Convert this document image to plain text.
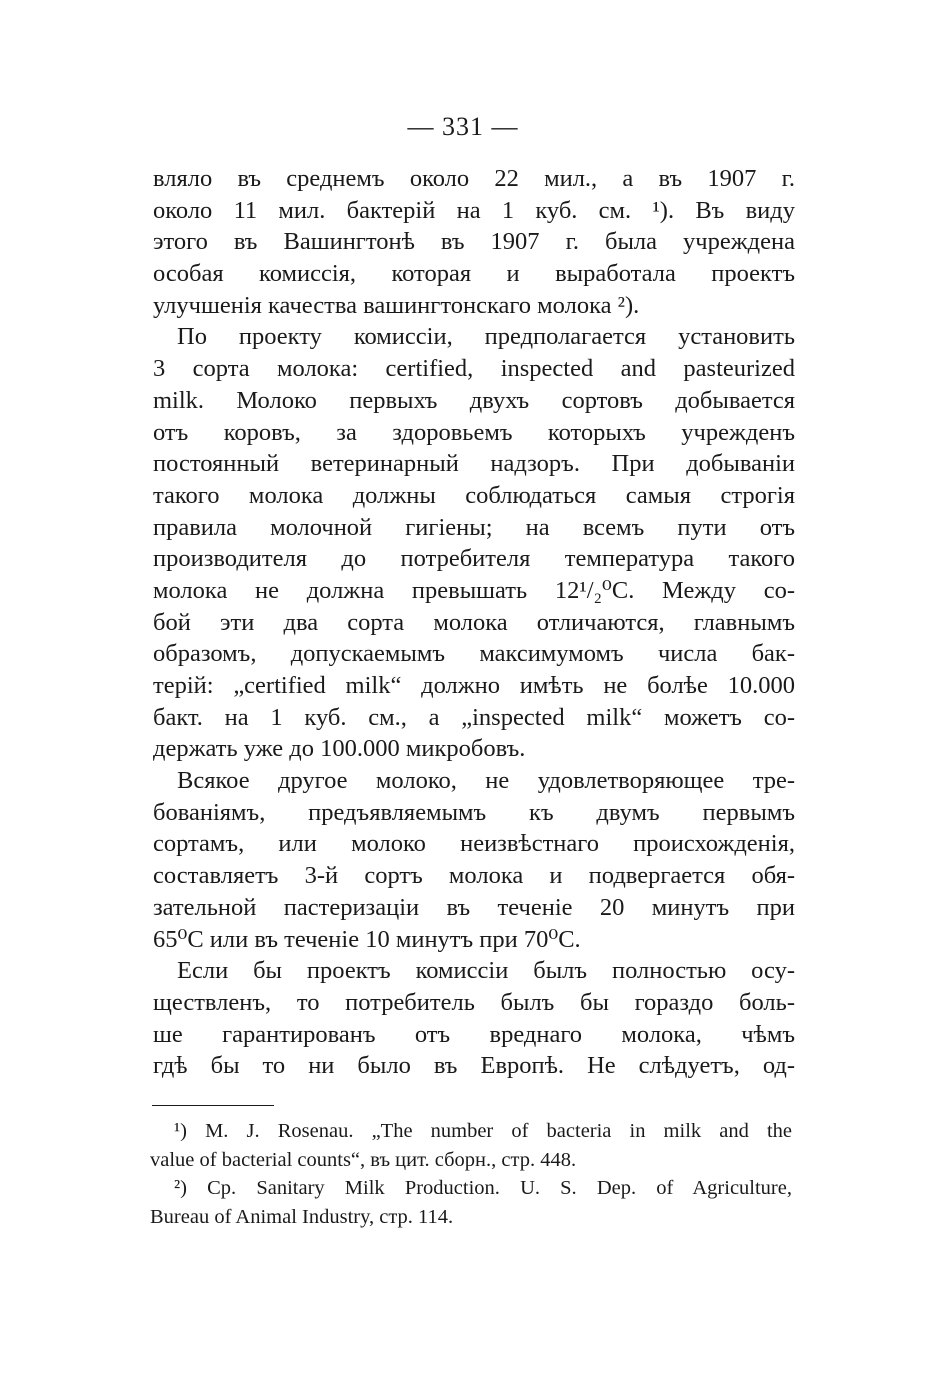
— 331 —
вляло въ среднемъ около 22 мил., а въ 1907 г.
около 11 мил. бактерій на 1 куб. см. ¹). Въ виду
этого въ Вашингтонѣ въ 1907 г. была учреждена
особая комиссія, которая и выработала проектъ
улучшенія качества вашингтонскаго молока ²).
По проекту комиссіи, предполагается установить
3 сорта молока: certified, inspected and pasteurized
milk. Молоко первыхъ двухъ сортовъ добывается
отъ коровъ, за здоровьемъ которыхъ учрежденъ
постоянный ветеринарный надзоръ. При добываніи
такого молока должны соблюдаться самыя строгія
правила молочной гигіены; на всемъ пути отъ
производителя до потребителя температура такого
молока не должна превышать 12¹/₂⁰С. Между со-
бой эти два сорта молока отличаются, главнымъ
образомъ, допускаемымъ максимумомъ числа бак-
терій: „certified milk“ должно имѣть не болѣе 10.000
бакт. на 1 куб. см., а „inspected milk“ можетъ со-
держать уже до 100.000 микробовъ.
Всякое другое молоко, не удовлетворяющее тре-
бованіямъ, предъявляемымъ къ двумъ первымъ
сортамъ, или молоко неизвѣстнаго происхожденія,
составляетъ 3-й сортъ молока и подвергается обя-
зательной пастеризаціи въ теченіе 20 минутъ при
65⁰С или въ теченіе 10 минутъ при 70⁰С.
Если бы проектъ комиссіи былъ полностью осу-
ществленъ, то потребитель былъ бы гораздо боль-
ше гарантированъ отъ вреднаго молока, чѣмъ
гдѣ бы то ни было въ Европѣ. Не слѣдуетъ, од-
¹) M. J. Rosenau. „The number of bacteria in milk and the
value of bacterial counts“, въ цит. сборн., стр. 448.
²) Cp. Sanitary Milk Production. U. S. Dep. of Agriculture,
Bureau of Animal Industry, стр. 114.
